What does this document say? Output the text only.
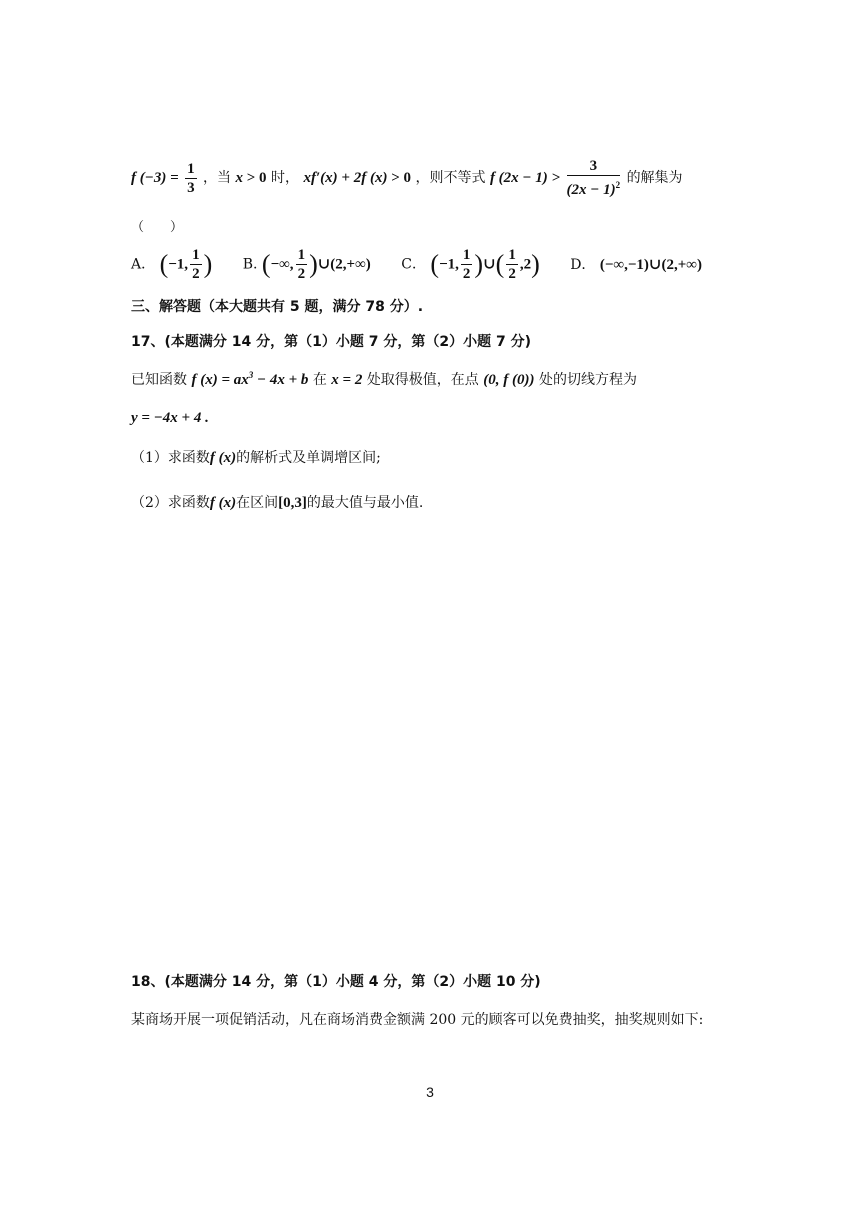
f $(-3) = \frac{1}{3}$ ，当 x > 0 时， xf′(x) + 2f (x) > 0 ，则不等式 f $(2x - 1) > \frac{3}{(2x - 1)^2}$ 的解集为
（　　）
A． (−1, $\frac{1}{2}$ ) B. (−∞, $\frac{1}{2}$ )∪(2,+∞) C． (−1, $\frac{1}{2}$ )∪( $\frac{1}{2} ,2$) D． (−∞,−1)∪(2,+∞)
三、解答题（本大题共有 5 题，满分 78 分）.
17、(本题满分 14 分，第（1）小题 7 分，第（2）小题 7 分)
已知函数 f $(x) = ax^3 - 4x + b$ 在 x = 2 处取得极值，在点 (0, f (0)) 处的切线方程为
y = −4x + 4 .
（1）求函数f (x)的解析式及单调增区间;
（2）求函数f (x)在区间[0,3]的最大值与最小值.
18、(本题满分 14 分，第（1）小题 4 分，第（2）小题 10 分)
某商场开展一项促销活动，凡在商场消费金额满 200 元的顾客可以免费抽奖，抽奖规则如下:
3
